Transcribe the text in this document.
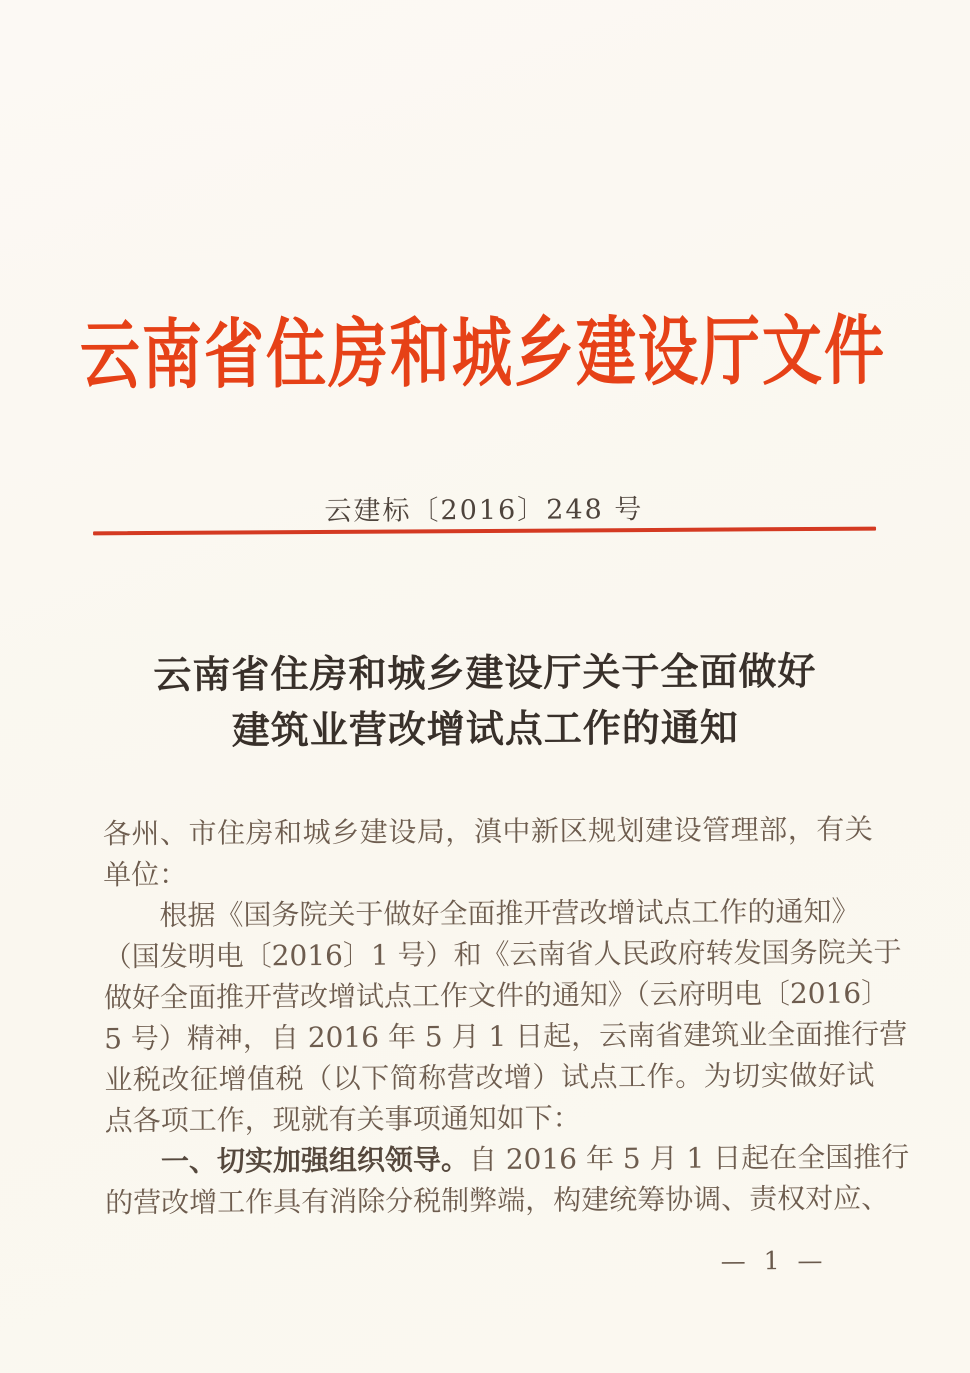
云南省住房和城乡建设厅文件
云建标〔2016〕248 号
云南省住房和城乡建设厅关于全面做好
建筑业营改增试点工作的通知
各州、市住房和城乡建设局，滇中新区规划建设管理部，有关
单位：
根据《国务院关于做好全面推开营改增试点工作的通知》
（国发明电〔2016〕1 号）和《云南省人民政府转发国务院关于
做好全面推开营改增试点工作文件的通知》（云府明电〔2016〕
5 号）精神，自 2016 年 5 月 1 日起，云南省建筑业全面推行营
业税改征增值税（以下简称营改增）试点工作。为切实做好试
点各项工作，现就有关事项通知如下：
一、切实加强组织领导。自 2016 年 5 月 1 日起在全国推行
的营改增工作具有消除分税制弊端，构建统筹协调、责权对应、
— 1 —
